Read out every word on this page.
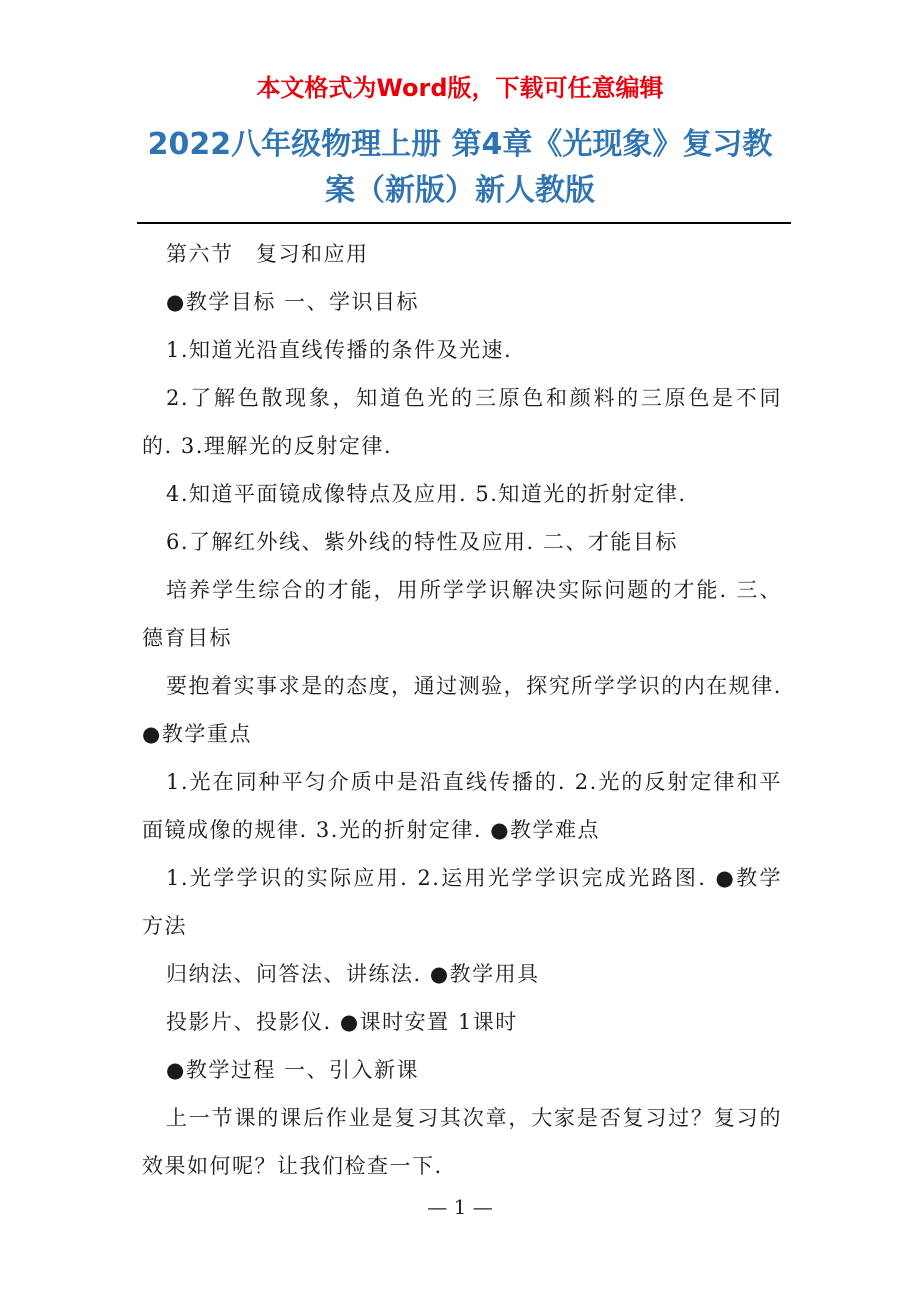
本文格式为Word版，下载可任意编辑
2022八年级物理上册 第4章《光现象》复习教案（新版）新人教版

第六节　复习和应用

●教学目标 一、学识目标

1.知道光沿直线传播的条件及光速.

2.了解色散现象，知道色光的三原色和颜料的三原色是不同的. 3.理解光的反射定律.

4.知道平面镜成像特点及应用. 5.知道光的折射定律.

6.了解红外线、紫外线的特性及应用. 二、才能目标

培养学生综合的才能，用所学学识解决实际问题的才能. 三、德育目标

要抱着实事求是的态度，通过测验，探究所学学识的内在规律. ●教学重点

1.光在同种平匀介质中是沿直线传播的. 2.光的反射定律和平面镜成像的规律. 3.光的折射定律. ●教学难点

1.光学学识的实际应用. 2.运用光学学识完成光路图. ●教学方法

归纳法、问答法、讲练法. ●教学用具

投影片、投影仪. ●课时安置 1课时

●教学过程 一、引入新课

上一节课的课后作业是复习其次章，大家是否复习过？复习的效果如何呢？让我们检查一下.

— 1 —
